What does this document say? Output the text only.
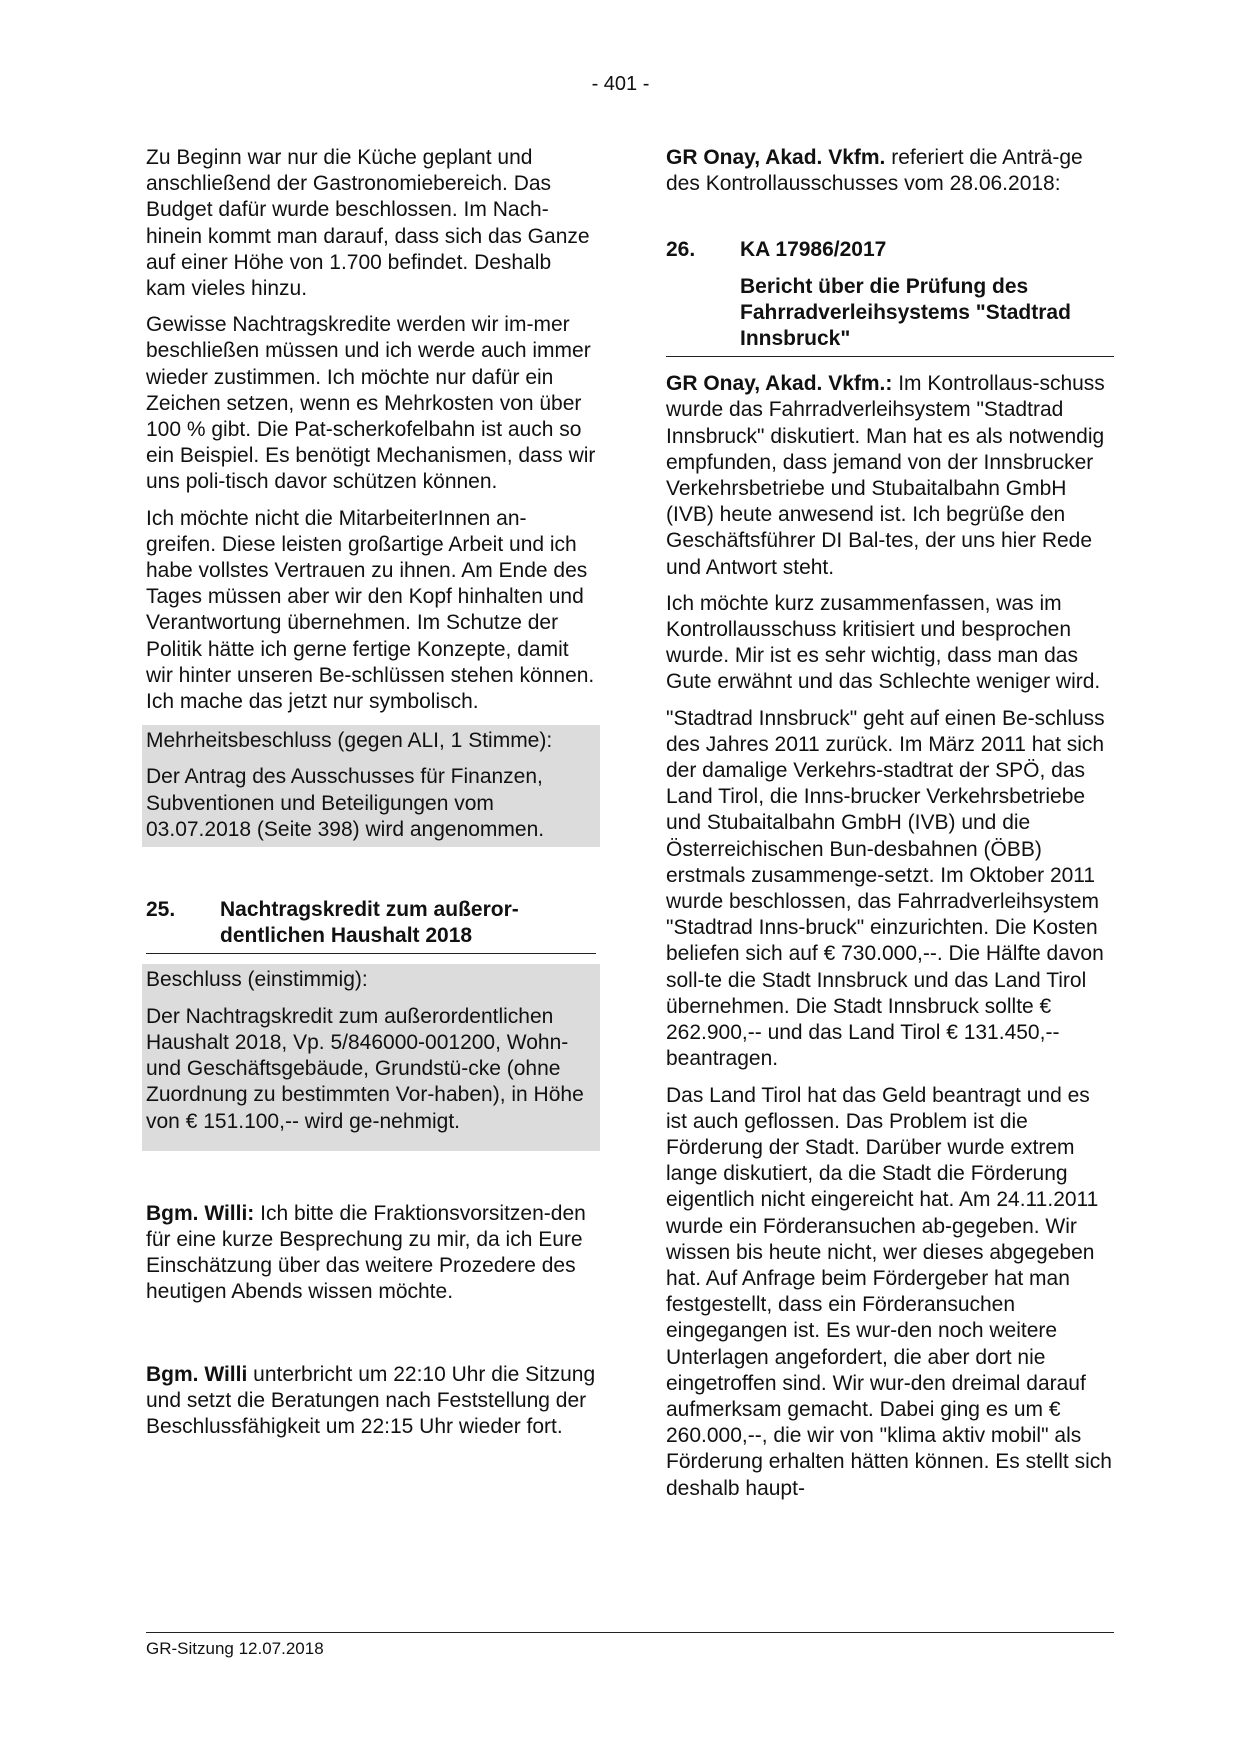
- 401 -

Zu Beginn war nur die Küche geplant und anschließend der Gastronomiebereich. Das Budget dafür wurde beschlossen. Im Nach-hinein kommt man darauf, dass sich das Ganze auf einer Höhe von 1.700 befindet. Deshalb kam vieles hinzu.

Gewisse Nachtragskredite werden wir im-mer beschließen müssen und ich werde auch immer wieder zustimmen. Ich möchte nur dafür ein Zeichen setzen, wenn es Mehrkosten von über 100 % gibt. Die Pat-scherkofelbahn ist auch so ein Beispiel. Es benötigt Mechanismen, dass wir uns poli-tisch davor schützen können.

Ich möchte nicht die MitarbeiterInnen an-greifen. Diese leisten großartige Arbeit und ich habe vollstes Vertrauen zu ihnen. Am Ende des Tages müssen aber wir den Kopf hinhalten und Verantwortung übernehmen. Im Schutze der Politik hätte ich gerne fertige Konzepte, damit wir hinter unseren Be-schlüssen stehen können. Ich mache das jetzt nur symbolisch.

Mehrheitsbeschluss (gegen ALI, 1 Stimme):

Der Antrag des Ausschusses für Finanzen, Subventionen und Beteiligungen vom 03.07.2018 (Seite 398) wird angenommen.

25.	Nachtragskredit zum außeror-dentlichen Haushalt 2018

Beschluss (einstimmig):

Der Nachtragskredit zum außerordentlichen Haushalt 2018, Vp. 5/846000-001200, Wohn- und Geschäftsgebäude, Grundstü-cke (ohne Zuordnung zu bestimmten Vor-haben), in Höhe von € 151.100,-- wird ge-nehmigt.

Bgm. Willi: Ich bitte die Fraktionsvorsitzen-den für eine kurze Besprechung zu mir, da ich Eure Einschätzung über das weitere Prozedere des heutigen Abends wissen möchte.

Bgm. Willi unterbricht um 22:10 Uhr die Sitzung und setzt die Beratungen nach Feststellung der Beschlussfähigkeit um 22:15 Uhr wieder fort.

GR Onay, Akad. Vkfm. referiert die Anträ-ge des Kontrollausschusses vom 28.06.2018:

26.	KA 17986/2017
Bericht über die Prüfung des Fahrradverleihsystems "Stadtrad Innsbruck"

GR Onay, Akad. Vkfm.: Im Kontrollaus-schuss wurde das Fahrradverleihsystem "Stadtrad Innsbruck" diskutiert. Man hat es als notwendig empfunden, dass jemand von der Innsbrucker Verkehrsbetriebe und Stubaitalbahn GmbH (IVB) heute anwesend ist. Ich begrüße den Geschäftsführer DI Bal-tes, der uns hier Rede und Antwort steht.

Ich möchte kurz zusammenfassen, was im Kontrollausschuss kritisiert und besprochen wurde. Mir ist es sehr wichtig, dass man das Gute erwähnt und das Schlechte weniger wird.

"Stadtrad Innsbruck" geht auf einen Be-schluss des Jahres 2011 zurück. Im März 2011 hat sich der damalige Verkehrs-stadtrat der SPÖ, das Land Tirol, die Inns-brucker Verkehrsbetriebe und Stubaitalbahn GmbH (IVB) und die Österreichischen Bun-desbahnen (ÖBB) erstmals zusammenge-setzt. Im Oktober 2011 wurde beschlossen, das Fahrradverleihsystem "Stadtrad Inns-bruck" einzurichten. Die Kosten beliefen sich auf € 730.000,--. Die Hälfte davon soll-te die Stadt Innsbruck und das Land Tirol übernehmen. Die Stadt Innsbruck sollte € 262.900,-- und das Land Tirol € 131.450,-- beantragen.

Das Land Tirol hat das Geld beantragt und es ist auch geflossen. Das Problem ist die Förderung der Stadt. Darüber wurde extrem lange diskutiert, da die Stadt die Förderung eigentlich nicht eingereicht hat. Am 24.11.2011 wurde ein Förderansuchen ab-gegeben. Wir wissen bis heute nicht, wer dieses abgegeben hat. Auf Anfrage beim Fördergeber hat man festgestellt, dass ein Förderansuchen eingegangen ist. Es wur-den noch weitere Unterlagen angefordert, die aber dort nie eingetroffen sind. Wir wur-den dreimal darauf aufmerksam gemacht. Dabei ging es um € 260.000,--, die wir von "klima aktiv mobil" als Förderung erhalten hätten können. Es stellt sich deshalb haupt-

GR-Sitzung 12.07.2018
